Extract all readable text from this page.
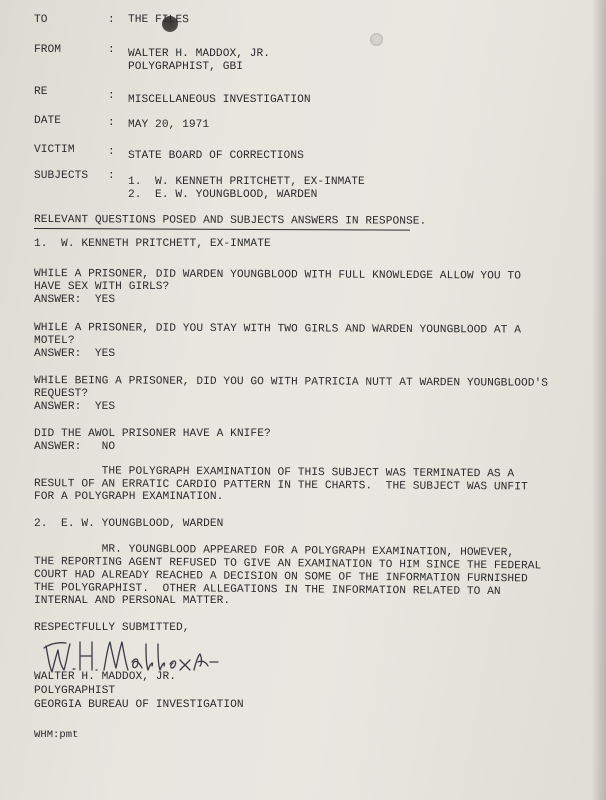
TO	: THE FILES
FROM	: WALTER H. MADDOX, JR.
POLYGRAPHIST, GBI
RE	: MISCELLANEOUS INVESTIGATION
DATE	: MAY 20, 1971
VICTIM	: STATE BOARD OF CORRECTIONS
SUBJECTS : 1.  W. KENNETH PRITCHETT, EX-INMATE
2.  E. W. YOUNGBLOOD, WARDEN
RELEVANT QUESTIONS POSED AND SUBJECTS ANSWERS IN RESPONSE.
1.  W. KENNETH PRITCHETT, EX-INMATE
WHILE A PRISONER, DID WARDEN YOUNGBLOOD WITH FULL KNOWLEDGE ALLOW YOU TO
HAVE SEX WITH GIRLS?
ANSWER:  YES
WHILE A PRISONER, DID YOU STAY WITH TWO GIRLS AND WARDEN YOUNGBLOOD AT A
MOTEL?
ANSWER:  YES
WHILE BEING A PRISONER, DID YOU GO WITH PATRICIA NUTT AT WARDEN YOUNGBLOOD'S
REQUEST?
ANSWER:  YES
DID THE AWOL PRISONER HAVE A KNIFE?
ANSWER:   NO
THE POLYGRAPH EXAMINATION OF THIS SUBJECT WAS TERMINATED AS A
RESULT OF AN ERRATIC CARDIO PATTERN IN THE CHARTS.  THE SUBJECT WAS UNFIT
FOR A POLYGRAPH EXAMINATION.
2.  E. W. YOUNGBLOOD, WARDEN
MR. YOUNGBLOOD APPEARED FOR A POLYGRAPH EXAMINATION, HOWEVER,
THE REPORTING AGENT REFUSED TO GIVE AN EXAMINATION TO HIM SINCE THE FEDERAL
COURT HAD ALREADY REACHED A DECISION ON SOME OF THE INFORMATION FURNISHED
THE POLYGRAPHIST.  OTHER ALLEGATIONS IN THE INFORMATION RELATED TO AN
INTERNAL AND PERSONAL MATTER.
RESPECTFULLY SUBMITTED,
WALTER H. MADDOX, JR.
POLYGRAPHIST
GEORGIA BUREAU OF INVESTIGATION
WHM:pmt
